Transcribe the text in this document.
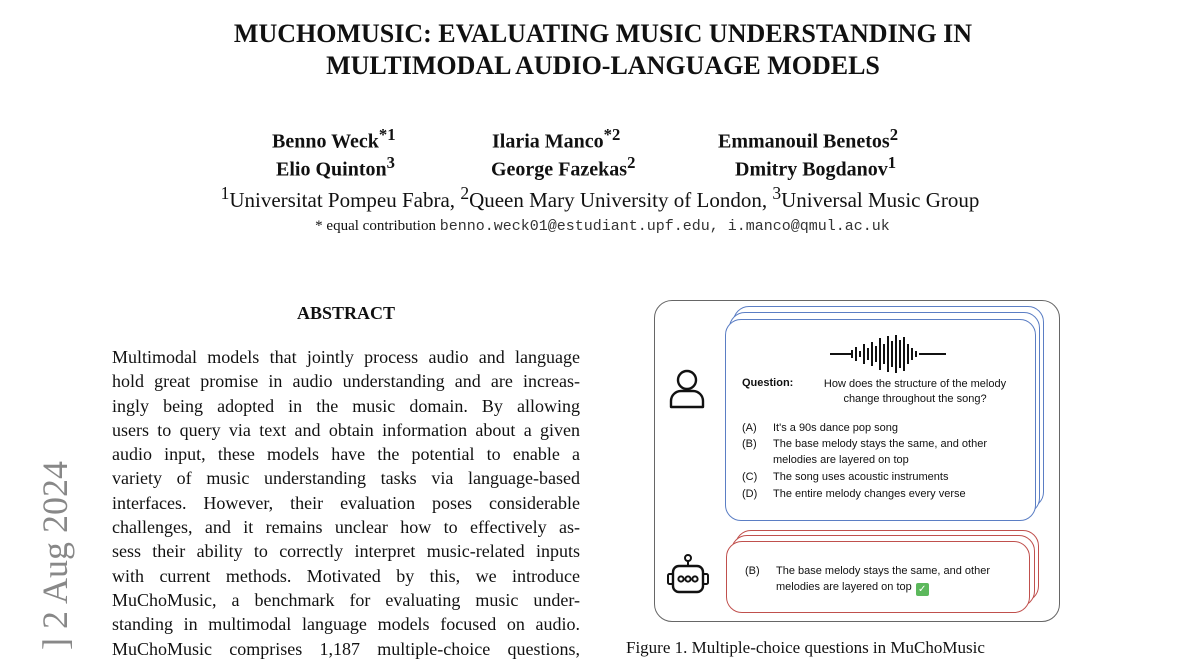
MUCHOMUSIC: EVALUATING MUSIC UNDERSTANDING IN
MULTIMODAL AUDIO-LANGUAGE MODELS
Benno Weck$^{*1}$	Ilaria Manco$^{*2}$	Emmanouil Benetos$^2$
Elio Quinton$^3$	George Fazekas$^2$	Dmitry Bogdanov$^1$
$^1$Universitat Pompeu Fabra, $^2$Queen Mary University of London, $^3$Universal Music Group
* equal contribution benno.weck01@estudiant.upf.edu, i.manco@qmul.ac.uk
] 2 Aug 2024
ABSTRACT
Multimodal models that jointly process audio and language
hold great promise in audio understanding and are increas-
ingly being adopted in the music domain. By allowing
users to query via text and obtain information about a given
audio input, these models have the potential to enable a
variety of music understanding tasks via language-based
interfaces. However, their evaluation poses considerable
challenges, and it remains unclear how to effectively as-
sess their ability to correctly interpret music-related inputs
with current methods. Motivated by this, we introduce
MuChoMusic, a benchmark for evaluating music under-
standing in multimodal language models focused on audio.
MuChoMusic comprises 1,187 multiple-choice questions,
Question:	How does the structure of the melody
change throughout the song?
(A) It's a 90s dance pop song
(B) The base melody stays the same, and other
melodies are layered on top
(C) The song uses acoustic instruments
(D) The entire melody changes every verse
(B) The base melody stays the same, and other
melodies are layered on top ✓
Figure 1. Multiple-choice questions in MuChoMusic
